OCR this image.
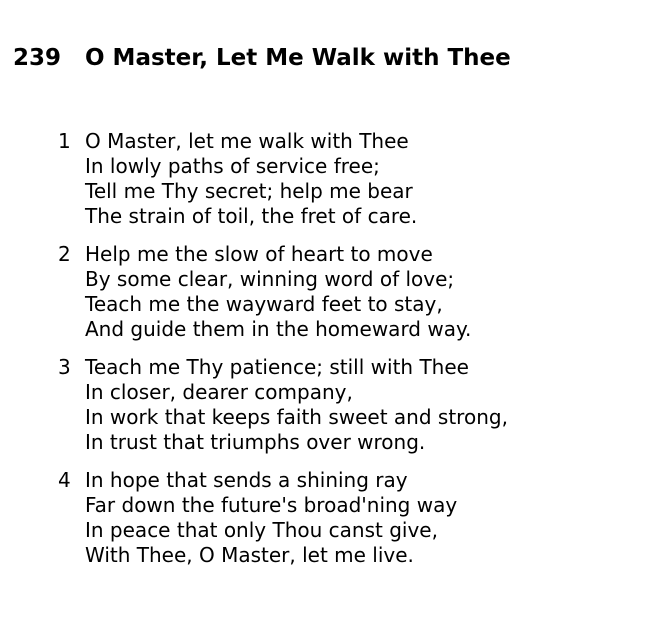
239 O Master, Let Me Walk with Thee
1 O Master, let me walk with Thee
In lowly paths of service free;
Tell me Thy secret; help me bear
The strain of toil, the fret of care.
2 Help me the slow of heart to move
By some clear, winning word of love;
Teach me the wayward feet to stay,
And guide them in the homeward way.
3 Teach me Thy patience; still with Thee
In closer, dearer company,
In work that keeps faith sweet and strong,
In trust that triumphs over wrong.
4 In hope that sends a shining ray
Far down the future's broad'ning way
In peace that only Thou canst give,
With Thee, O Master, let me live.
